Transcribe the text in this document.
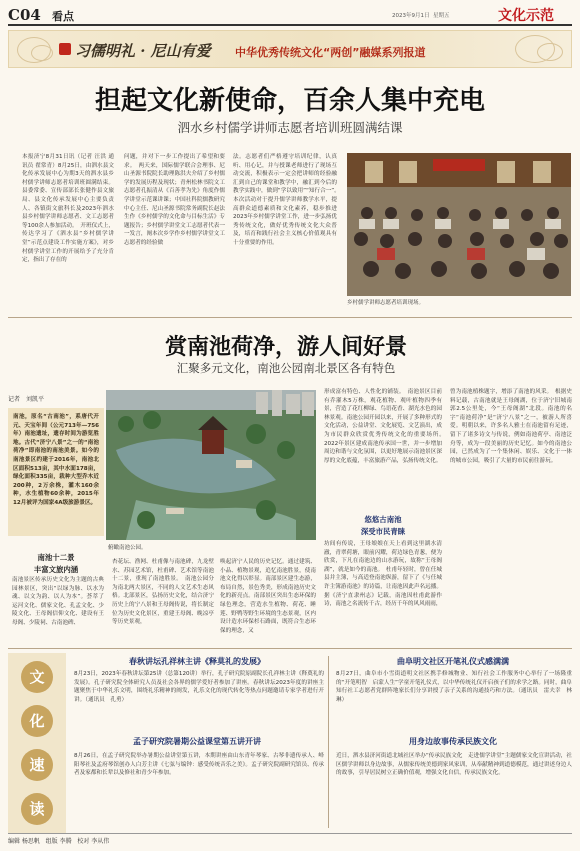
C04 看点	2023年9月1日 星期五	文化示范
习儒明礼 · 尼山有爱 中华优秀传统文化“两创”融媒系列报道
担起文化新使命，百余人集中充电
泗水乡村儒学讲师志愿者培训班圆满结课
本报济宁8月31日讯（记者 汪洪 通讯员 翟常青）8月25日，由泗水县文化传承发展中心为期3天的泗水县乡村儒学讲师志愿者培训班圆满结束。县委常委、宣传部部长张健作县文旅局、县文化传承发展中心主要负责人、各镇街文旅科长及2023年泗水县乡村儒学讲师志愿者、文工志愿者等100余人参加活动。　开班仪式上，传达学习了《泗水县“乡村儒学讲堂”示范点建设工作实施方案》，对乡村儒学讲堂工作的开展给予了充分肯定，指出了存在的
问题，并对下一步工作提出了希望和要求。　两天来，国际儒学联合会理事、尼山圣源书院院长助理陈洪夫介绍了乡村儒学的发展历程及现状；青州松林书院文工志愿者孔振清从《百善孝为先》角度作儒学讲堂示范课讲课；中国社科院儒教研究中心主任、尼山圣源书院常务副院长赵法生作《乡村儒学的文化命与目标生活》专题报告；乡村儒学讲堂文工志愿者代表一一发言，阐本次乡学作乡村儒学讲堂文工志愿者的经验做
法。志愿者们严格遵守培训纪律，认真听、用心记，并与授课老师进行了现场互动交流，积极表示一定会把讲师的经验融汇到自己的课堂和教学中，融汇到今后的教学实践中，做到“学以致用”“知行合一”。　本次活动对于提升儒学讲师教学水平，提高群众道德素质和文化素养，稳步推进2023年乡村儒学讲堂工作，进一步弘扬优秀传统文化，做好优秀传统文化大众普及，培育和践行社会主义核心价值观具有十分重要的作用。
乡村儒学讲师志愿者培训现场。
赏南池荷净，游人间好景
汇聚多元文化，南池公园南北景区各有特色
记者　刘凯平
南池，原名“古南池”，系唐代开元、天宝年间（公元713年—756年）南池遗址，遗存时间为游览胜地。古代“济宁八景”之一的“南池荷净”即南池的南池美景。如今的南池景区约建于2016年，南池北区面积513亩，其中水面178亩，绿化面积335亩，栽种大型乔木近200种，2万余株，灌木160余种，水生植物60余种，2015年12月被评为国家4A级旅游景区。
俯瞰南池公园。
南池十二景
丰富文旅内涵
南池景区传承历史文化为主题的古典园林景区，突出“以绿为脉、以水为魂、以文为韵、以人为本”。荟萃了运河文化、儒家文化、孔孟文化、少陵文化、王母阁信仰文化、建设有王母阁、少陵祠、古南池碑、
杏花坛、渔网、杜甫像与南池碑，九龙壁水、苏园艺术馆，杜甫碑、艺术馆等南池十二景，重现了南池胜景。　南池公园分为南北两大景区，不同的人文艺术生态风格。北部景区，弘扬历史文化，结合济宁历史上的宁八景和王母阁传说，将长制定位为历史文化景区，重建王母阁、晚凉亭等历史景观，
唤起济宁人民的历史记忆。通过建筑、小品、植物景观，追忆南池胜景，使南池文化得以彰显。南部景区建生态游，布局自然，景色秀美，形成南池历史文化的新亮点。南部景区突出生态环保的绿色理念，营造水生植物、荷花、睡莲、野鸭等野生环境的生态景观，区内设计造水环保杉石路面，既符合生态环保的理念，又
形成富有特色、人性化的铺装。　南池景区目前有乔灌木5万株，观花植物、观叶植物四季有景，营造了花红柳绿、鸟语花香、湖光水色的园林景观。南池公园开园以来，开展了多种形式的文化活动，公益讲堂、文化展览、文艺演出，成为市民群众欣赏优秀传统文化的重要场所。　2022年景区建成南池传承国一世，并一步增加周边和谐与文化氛围，以更好地展示南池景区深厚的文化底蕴，丰富旅游产品，弘扬传统文化。
悠悠古南池
深受市民青睐
坊间有传说，王母娘娘在天上看到这里湖水清澈，青翠荷塘，眼前闪耀，荷边绿色青葱，便为欣赏，下凡在南池边的山水游玩，故称“王母阁湖”，就是如今的南池。　杜甫年轻时，曾在任城县并主簿，与高适登南池纵游，留下了《与任城许主簿游南池》的诗篇，让南池因此声名远播。据《济宁直隶州志》记载，南池因杜甫此游作诗，南池之名流传千古，经历千年的风风雨雨，
曾为南池植株题字，增添了南池的风采。　根据史料记载，古南池就是王母阁湖，位于济宁旧城南郭2.5公里处，今“王母阁湖”北段。南池的名字“南池荷净”是“济宁八景”之一，被游人所喜爱。明朝以来，许多名人雅士在南池留有足迹，留下了诸多诗文与传说，例如南池荷亭、南池泛舟等，成为一段美丽的历史记忆。如今的南池公园，已然成为了一个集休闲、娱乐、文化于一体的城市公园，吸引了大量的市民前往游玩。
文
化
速
读
春秋讲坛孔祥林主讲《释莫礼的发展》
8月23日，2023年春秋讲坛第25讲（总第120讲）举行，孔子研究院原副院长孔祥林主讲《释奠礼的发展》。孔子研究院全体研究人员及社会各界的儒学爱好者参加了讲座。春秋讲坛2023年度的讲座主题聚焦于中华礼乐文明，围绕礼乐精神的阐发，礼乐文化的现代转化等热点问题邀请专家学者进行开讲。（通讯员　孔勇）
孟子研究院暑期公益课堂第五讲开讲
8月26日，在孟子研究院举办暑期公益讲堂第五讲，本期讲座由山东青年琴家、古琴非遗传承人、峄阳琴社及孟府琴馆创办人白芳主讲《七弦与编钟：感受传统音乐之美》。孟子研究院副研究馆员、传承者及家都和长辈以及修社和青少年参加。
曲阜明文社区开笔礼仪式感满满
8月27日，曲阜市小雪街道明文社区携手修城物业、知行社会工作服务中心举行了一场隆重的“开笔明智　启蒙人生”学童开笔礼仪式，以中华传统礼仪开启孩子们的求学之路。同时，曲阜知行社工志愿者党群阵地家长们分享讲授了亲子关系的沟通技巧和方法。（通讯员　雷夫幸　林琳）
用身边故事传承民族文化
近日，泗水县济河街道北城社区举办“传承民族文化　走进儒学讲堂”主题儒家文化宣讲活动，社区儒学讲师以身边故事，从儒家传统美德到家风家训，从奉献精神到道德模范，通过讲述身边人的故事，引导居民树立正确价值观，增强文化自信，传承民族文化。
编辑 杨思帆 组版 李腾 校对 李从伟
